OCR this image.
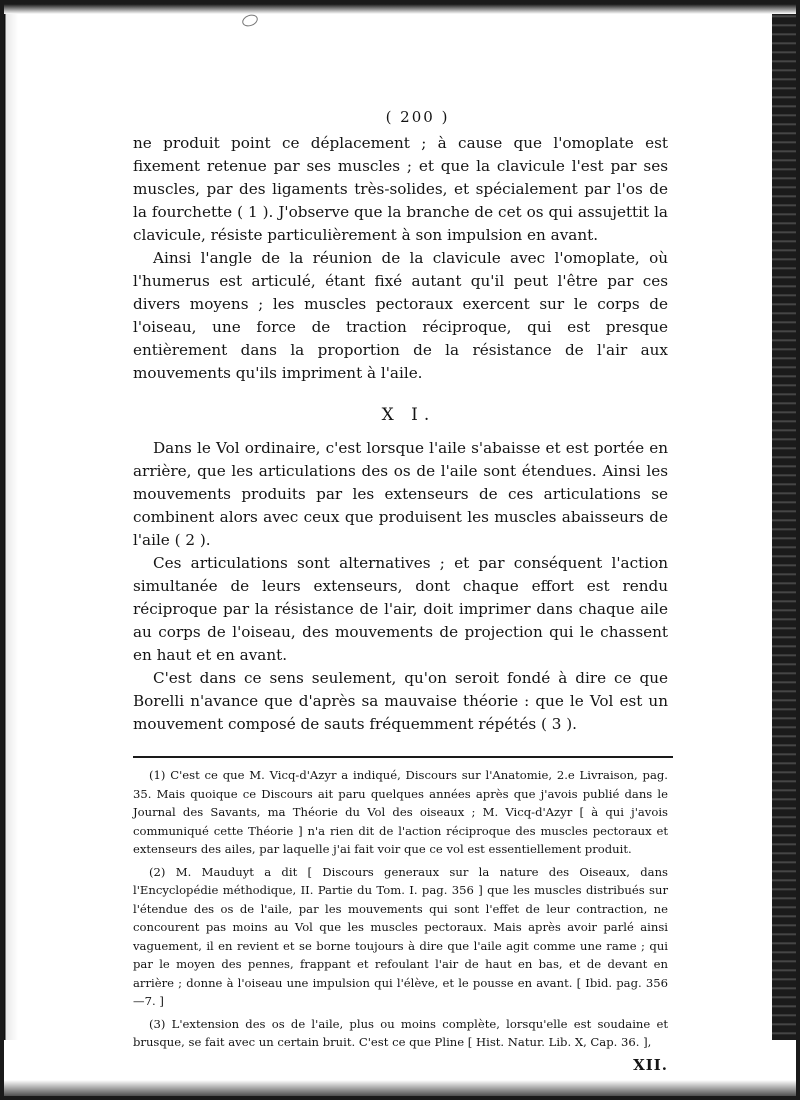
( 200 )

ne produit point ce déplacement ; à cause que l'omoplate est fixement retenue par ses muscles ; et que la clavicule l'est par ses muscles, par des ligaments très-solides, et spécialement par l'os de la fourchette ( 1 ). J'observe que la branche de cet os qui assujettit la clavicule, résiste particulièrement à son impulsion en avant.

Ainsi l'angle de la réunion de la clavicule avec l'omoplate, où l'humerus est articulé, étant fixé autant qu'il peut l'être par ces divers moyens ; les muscles pectoraux exercent sur le corps de l'oiseau, une force de traction réciproque, qui est presque entièrement dans la proportion de la résistance de l'air aux mouvements qu'ils impriment à l'aile.

X I.

Dans le Vol ordinaire, c'est lorsque l'aile s'abaisse et est portée en arrière, que les articulations des os de l'aile sont étendues. Ainsi les mouvements produits par les extenseurs de ces articulations se combinent alors avec ceux que produisent les muscles abaisseurs de l'aile ( 2 ).

Ces articulations sont alternatives ; et par conséquent l'action simultanée de leurs extenseurs, dont chaque effort est rendu réciproque par la résistance de l'air, doit imprimer dans chaque aile au corps de l'oiseau, des mouvements de projection qui le chassent en haut et en avant.

C'est dans ce sens seulement, qu'on seroit fondé à dire ce que Borelli n'avance que d'après sa mauvaise théorie : que le Vol est un mouvement composé de sauts fréquemment répétés ( 3 ).

(1) C'est ce que M. Vicq-d'Azyr a indiqué, Discours sur l'Anatomie, 2.e Livraison, pag. 35. Mais quoique ce Discours ait paru quelques années après que j'avois publié dans le Journal des Savants, ma Théorie du Vol des oiseaux ; M. Vicq-d'Azyr [ à qui j'avois communiqué cette Théorie ] n'a rien dit de l'action réciproque des muscles pectoraux et extenseurs des ailes, par laquelle j'ai fait voir que ce vol est essentiellement produit.

(2) M. Mauduyt a dit [ Discours generaux sur la nature des Oiseaux, dans l'Encyclopédie méthodique, II. Partie du Tom. I. pag. 356 ] que les muscles distribués sur l'étendue des os de l'aile, par les mouvements qui sont l'effet de leur contraction, ne concourent pas moins au Vol que les muscles pectoraux. Mais après avoir parlé ainsi vaguement, il en revient et se borne toujours à dire que l'aile agit comme une rame ; qui par le moyen des pennes, frappant et refoulant l'air de haut en bas, et de devant en arrière ; donne à l'oiseau une impulsion qui l'élève, et le pousse en avant. [ Ibid. pag. 356—7. ]

(3) L'extension des os de l'aile, plus ou moins complète, lorsqu'elle est soudaine et brusque, se fait avec un certain bruit. C'est ce que Pline [ Hist. Natur. Lib. X, Cap. 36. ],

XII.
